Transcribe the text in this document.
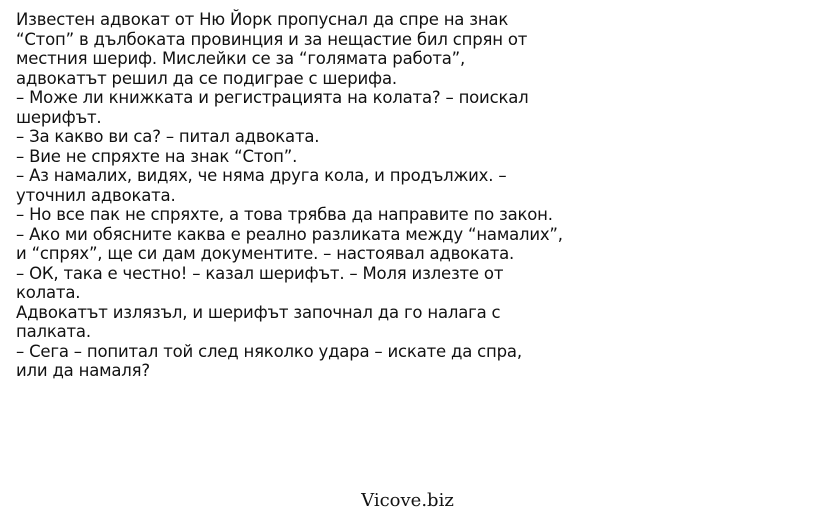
Известен адвокат от Ню Йорк пропуснал да спре на знак
“Стоп” в дълбоката провинция и за нещастие бил спрян от
местния шериф. Мислейки се за “голямата работа”,
адвокатът решил да се подиграе с шерифа.
– Може ли книжката и регистрацията на колата? – поискал
шерифът.
– За какво ви са? – питал адвоката.
– Вие не спряхте на знак “Стоп”.
– Аз намалих, видях, че няма друга кола, и продължих. –
уточнил адвоката.
– Но все пак не спряхте, а това трябва да направите по закон.
– Ако ми обясните каква е реално разликата между “намалих”,
и “спрях”, ще си дам документите. – настоявал адвоката.
– ОК, така е честно! – казал шерифът. – Моля излезте от
колата.
Адвокатът излязъл, и шерифът започнал да го налага с
палката.
– Сега – попитал той след няколко удара – искате да спра,
или да намаля?
Vicove.biz
